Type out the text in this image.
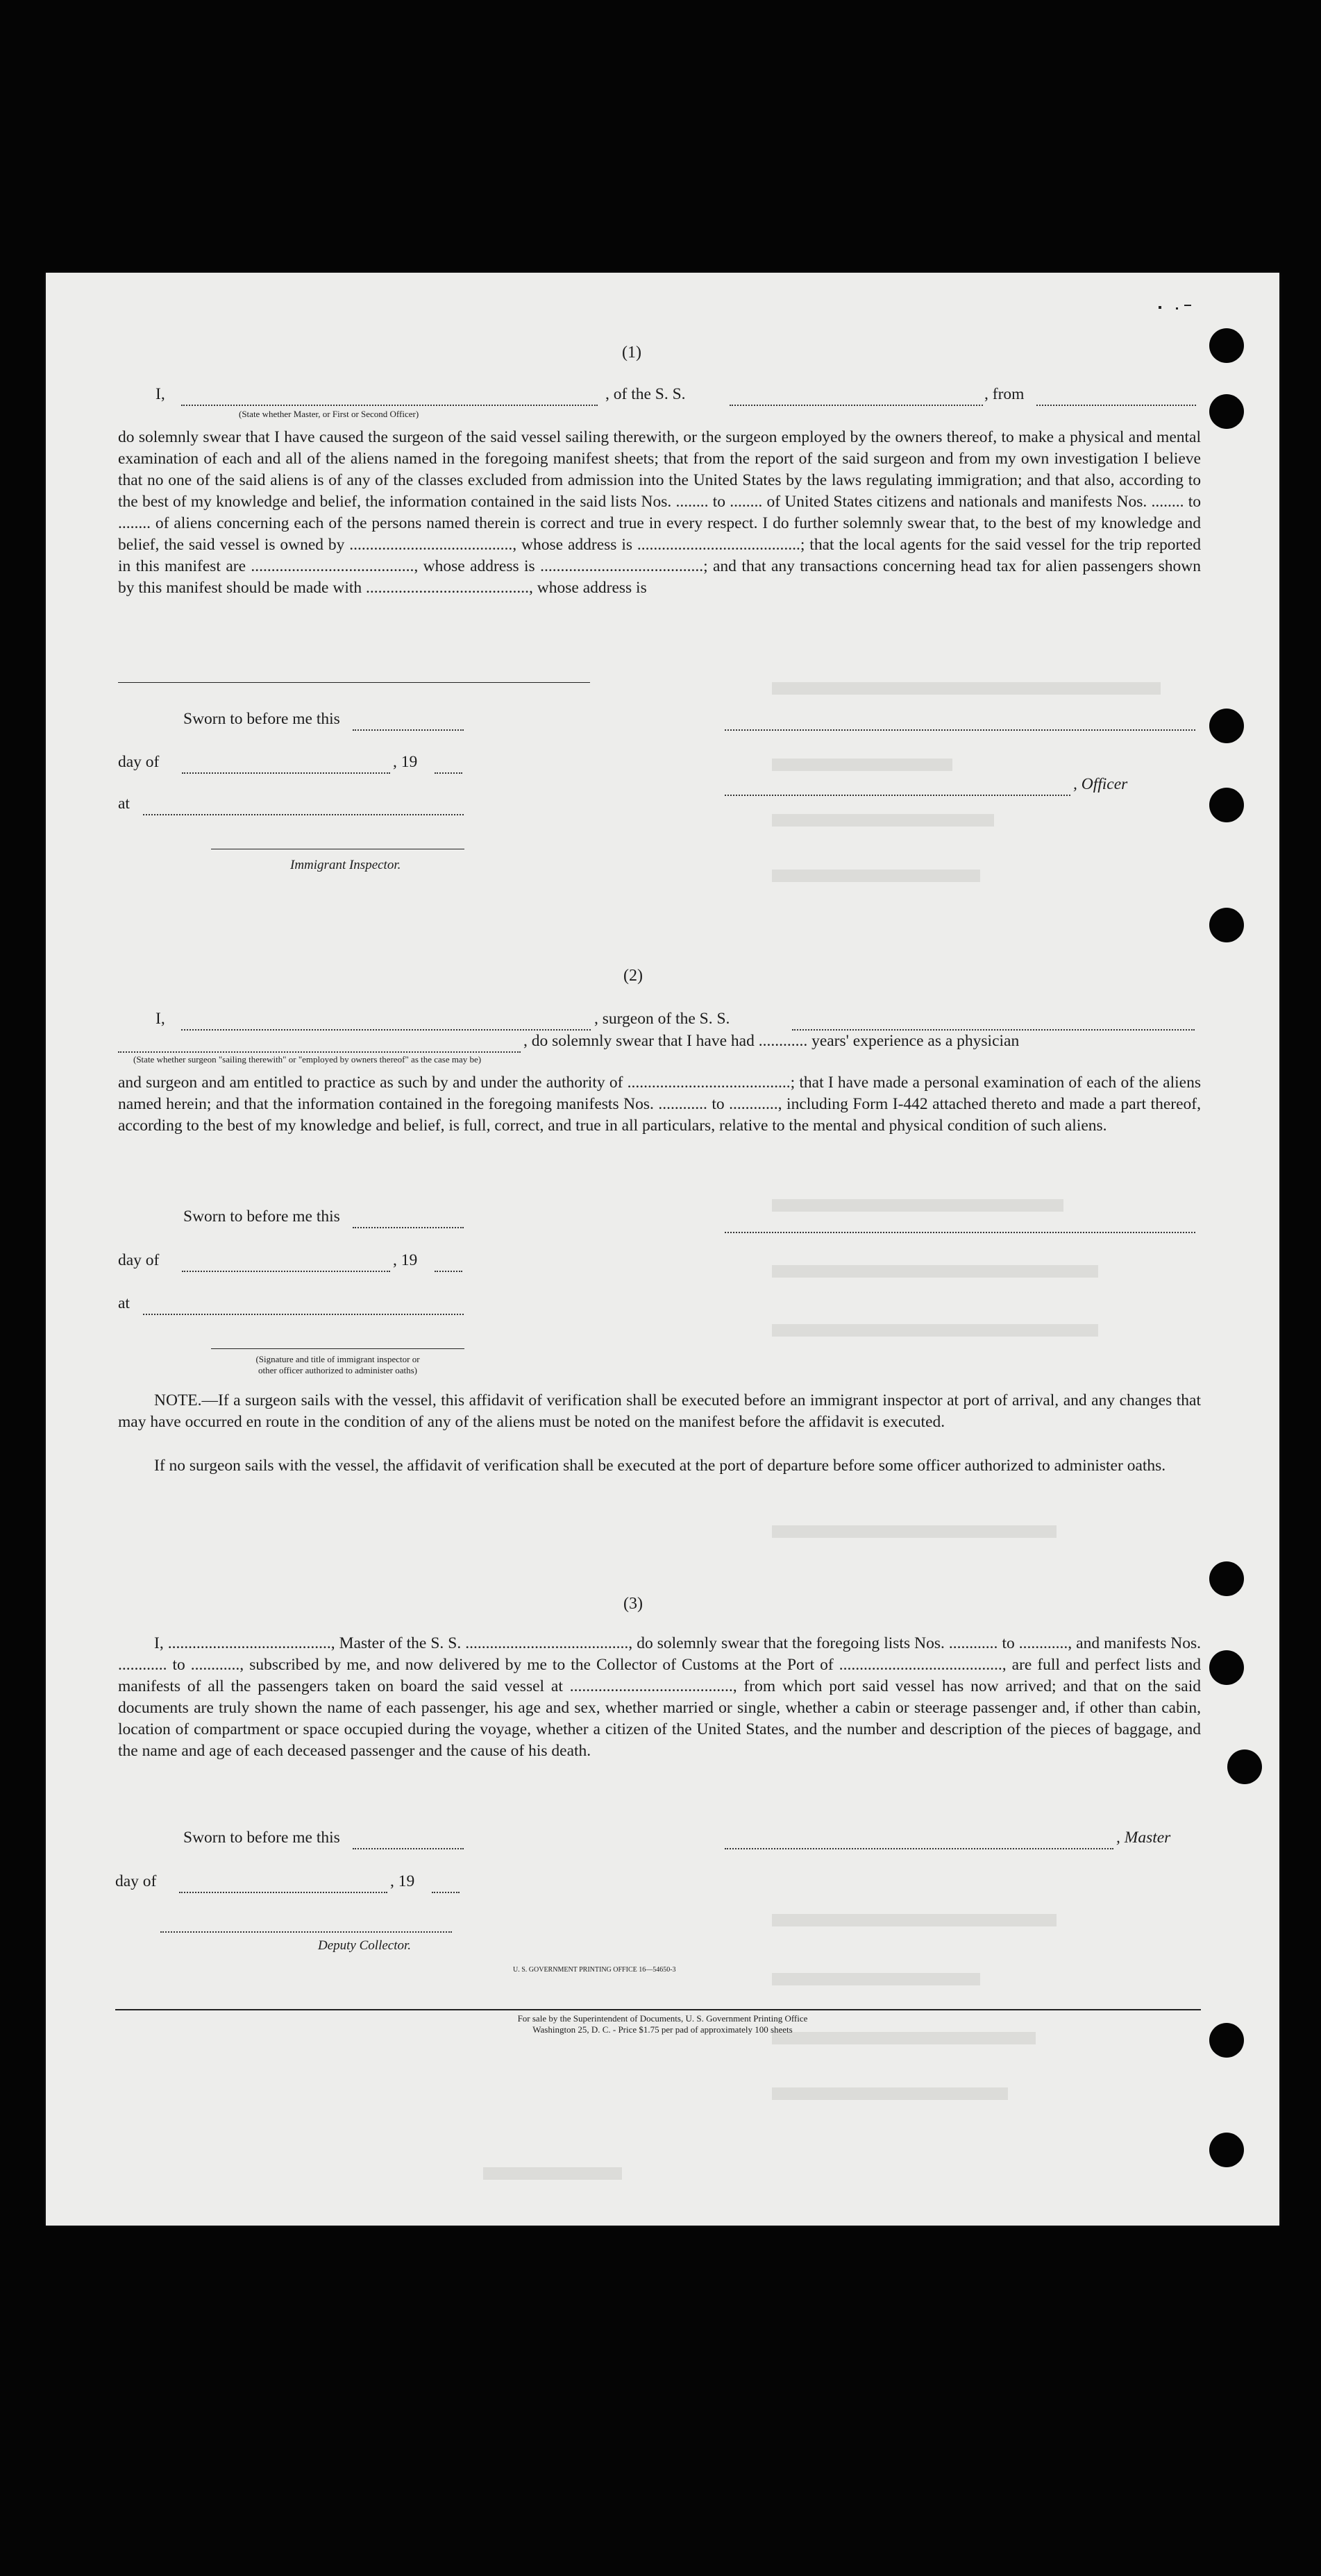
(1)
I,	, of the S. S.	, from
(State whether Master, or First or Second Officer)
do solemnly swear that I have caused the surgeon of the said vessel sailing therewith, or the surgeon employed by the owners thereof, to make a physical and mental examination of each and all of the aliens named in the foregoing manifest sheets; that from the report of the said surgeon and from my own investigation I believe that no one of the said aliens is of any of the classes excluded from admission into the United States by the laws regulating immigration; and that also, according to the best of my knowledge and belief, the information contained in the said lists Nos. ........ to ........ of United States citizens and nationals and manifests Nos. ........ to ........ of aliens concerning each of the persons named therein is correct and true in every respect. I do further solemnly swear that, to the best of my knowledge and belief, the said vessel is owned by ........................................, whose address is ........................................; that the local agents for the said vessel for the trip reported in this manifest are ........................................, whose address is ........................................; and that any transactions concerning head tax for alien passengers shown by this manifest should be made with ........................................, whose address is
Sworn to before me this
day of	, 19
, Officer
at
Immigrant Inspector.
(2)
I,	, surgeon of the S. S.
, do solemnly swear that I have had ............ years' experience as a physician
(State whether surgeon "sailing therewith" or "employed by owners thereof" as the case may be)
and surgeon and am entitled to practice as such by and under the authority of ........................................; that I have made a personal examination of each of the aliens named herein; and that the information contained in the foregoing manifests Nos. ............ to ............, including Form I-442 attached thereto and made a part thereof, according to the best of my knowledge and belief, is full, correct, and true in all particulars, relative to the mental and physical condition of such aliens.
Sworn to before me this
day of	, 19
at
(Signature and title of immigrant inspector or
other officer authorized to administer oaths)
NOTE.—If a surgeon sails with the vessel, this affidavit of verification shall be executed before an immigrant inspector at port of arrival, and any changes that may have occurred en route in the condition of any of the aliens must be noted on the manifest before the affidavit is executed.
If no surgeon sails with the vessel, the affidavit of verification shall be executed at the port of departure before some officer authorized to administer oaths.
(3)
I, ........................................, Master of the S. S. ........................................, do solemnly swear that the foregoing lists Nos. ............ to ............, and manifests Nos. ............ to ............, subscribed by me, and now delivered by me to the Collector of Customs at the Port of ........................................, are full and perfect lists and manifests of all the passengers taken on board the said vessel at ........................................, from which port said vessel has now arrived; and that on the said documents are truly shown the name of each passenger, his age and sex, whether married or single, whether a cabin or steerage passenger and, if other than cabin, location of compartment or space occupied during the voyage, whether a citizen of the United States, and the number and description of the pieces of baggage, and the name and age of each deceased passenger and the cause of his death.
Sworn to before me this	, Master
day of	, 19
Deputy Collector.
U. S. GOVERNMENT PRINTING OFFICE 16—54650-3
For sale by the Superintendent of Documents, U. S. Government Printing Office
Washington 25, D. C. - Price $1.75 per pad of approximately 100 sheets
